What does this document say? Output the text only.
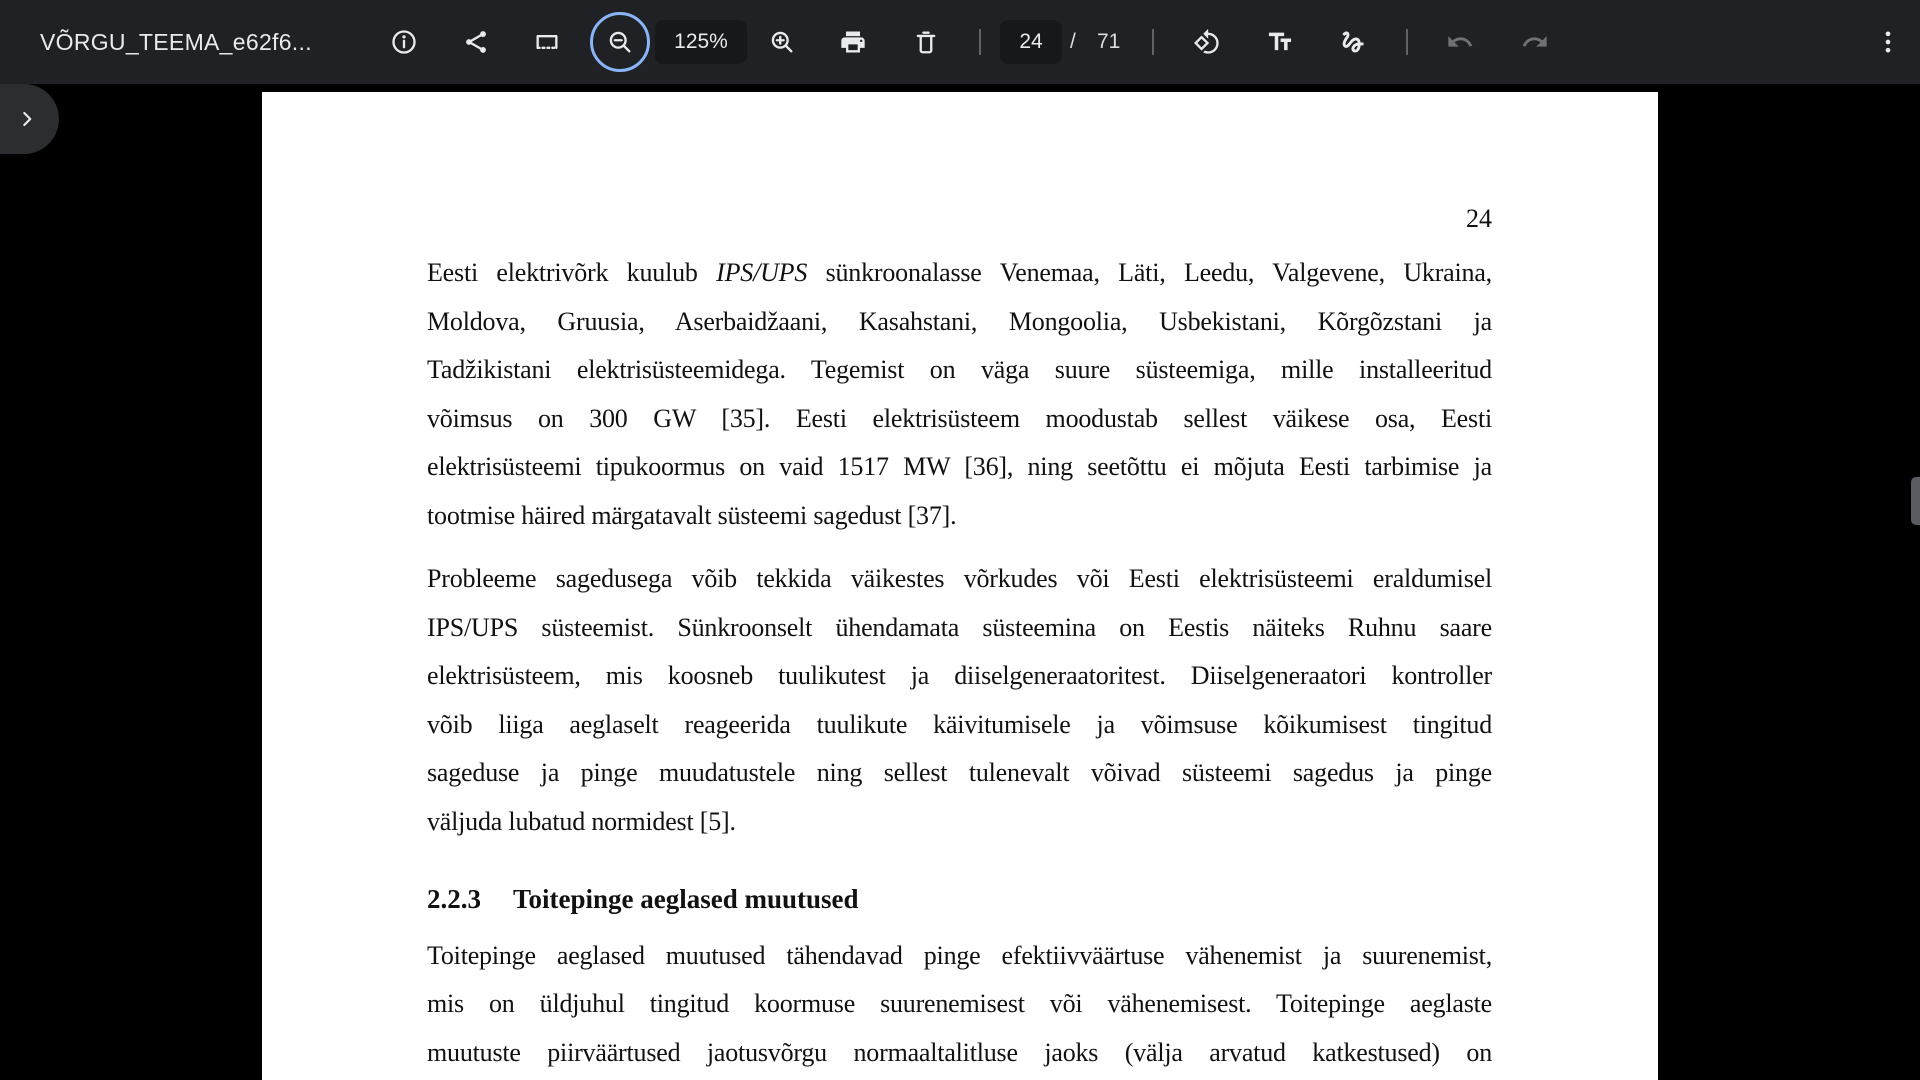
VÕRGU_TEEMA_e62f6...	125%	24	/ 71
24
Eesti elektrivõrk kuulub IPS/UPS sünkroonalasse Venemaa, Läti, Leedu, Valgevene, Ukraina,
Moldova, Gruusia, Aserbaidžaani, Kasahstani, Mongoolia, Usbekistani, Kõrgõzstani ja
Tadžikistani elektrisüsteemidega. Tegemist on väga suure süsteemiga, mille installeeritud
võimsus on 300 GW [35]. Eesti elektrisüsteem moodustab sellest väikese osa, Eesti
elektrisüsteemi tipukoormus on vaid 1517 MW [36], ning seetõttu ei mõjuta Eesti tarbimise ja
tootmise häired märgatavalt süsteemi sagedust [37].
Probleeme sagedusega võib tekkida väikestes võrkudes või Eesti elektrisüsteemi eraldumisel
IPS/UPS süsteemist. Sünkroonselt ühendamata süsteemina on Eestis näiteks Ruhnu saare
elektrisüsteem, mis koosneb tuulikutest ja diiselgeneraatoritest. Diiselgeneraatori kontroller
võib liiga aeglaselt reageerida tuulikute käivitumisele ja võimsuse kõikumisest tingitud
sageduse ja pinge muudatustele ning sellest tulenevalt võivad süsteemi sagedus ja pinge
väljuda lubatud normidest [5].
2.2.3 Toitepinge aeglased muutused
Toitepinge aeglased muutused tähendavad pinge efektiivväärtuse vähenemist ja suurenemist,
mis on üldjuhul tingitud koormuse suurenemisest või vähenemisest. Toitepinge aeglaste
muutuste piirväärtused jaotusvõrgu normaaltalitluse jaoks (välja arvatud katkestused) on
